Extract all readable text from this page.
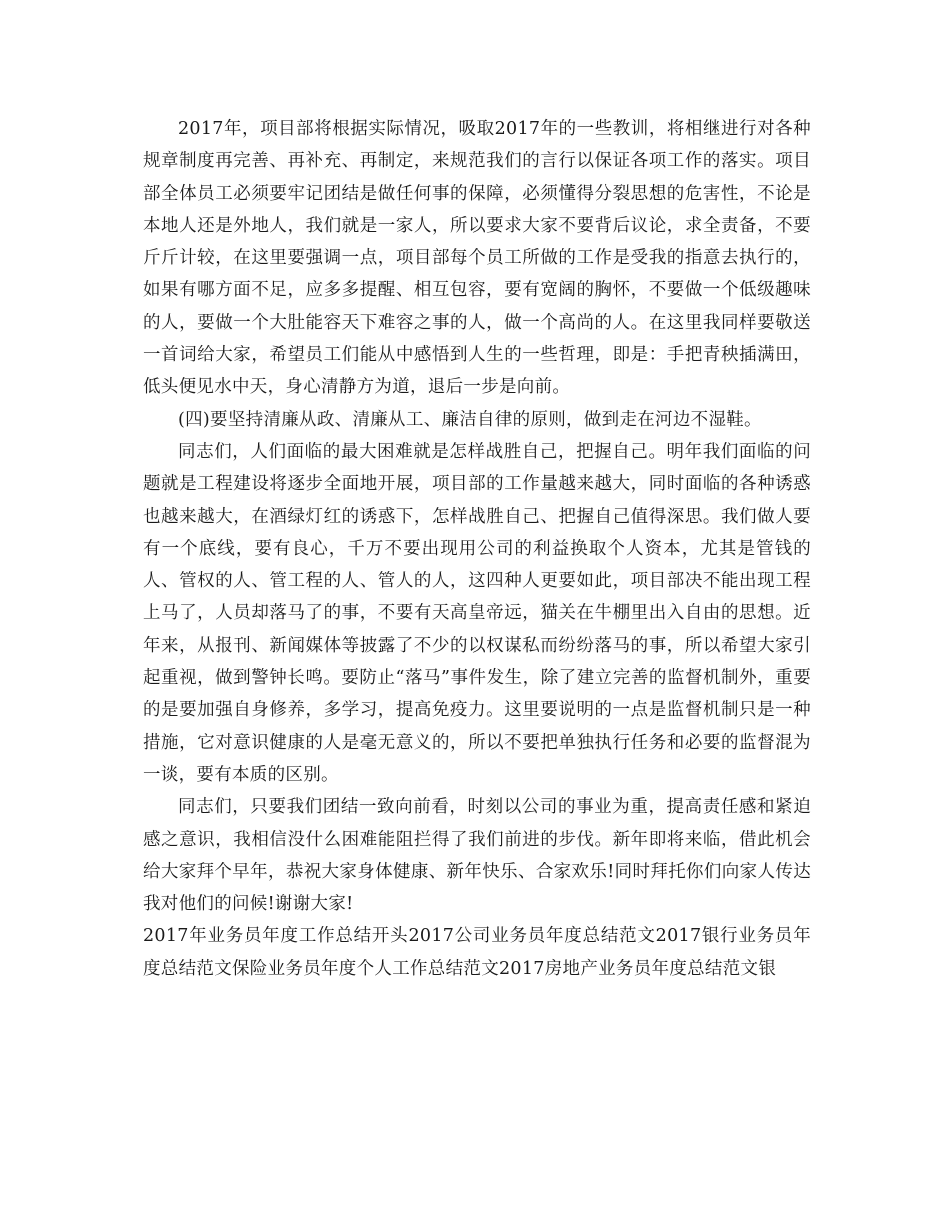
2017年，项目部将根据实际情况，吸取2017年的一些教训，将相继进行对各种规章制度再完善、再补充、再制定，来规范我们的言行以保证各项工作的落实。项目部全体员工必须要牢记团结是做任何事的保障，必须懂得分裂思想的危害性，不论是本地人还是外地人，我们就是一家人，所以要求大家不要背后议论，求全责备，不要斤斤计较，在这里要强调一点，项目部每个员工所做的工作是受我的指意去执行的，如果有哪方面不足，应多多提醒、相互包容，要有宽阔的胸怀，不要做一个低级趣味的人，要做一个大肚能容天下难容之事的人，做一个高尚的人。在这里我同样要敬送一首词给大家，希望员工们能从中感悟到人生的一些哲理，即是：手把青秧插满田，低头便见水中天，身心清静方为道，退后一步是向前。

(四)要坚持清廉从政、清廉从工、廉洁自律的原则，做到走在河边不湿鞋。

同志们，人们面临的最大困难就是怎样战胜自己，把握自己。明年我们面临的问题就是工程建设将逐步全面地开展，项目部的工作量越来越大，同时面临的各种诱惑也越来越大，在酒绿灯红的诱惑下，怎样战胜自己、把握自己值得深思。我们做人要有一个底线，要有良心，千万不要出现用公司的利益换取个人资本，尤其是管钱的人、管权的人、管工程的人、管人的人，这四种人更要如此，项目部决不能出现工程上马了，人员却落马了的事，不要有天高皇帝远，猫关在牛棚里出入自由的思想。近年来，从报刊、新闻媒体等披露了不少的以权谋私而纷纷落马的事，所以希望大家引起重视，做到警钟长鸣。要防止“落马”事件发生，除了建立完善的监督机制外，重要的是要加强自身修养，多学习，提高免疫力。这里要说明的一点是监督机制只是一种措施，它对意识健康的人是毫无意义的，所以不要把单独执行任务和必要的监督混为一谈，要有本质的区别。

同志们，只要我们团结一致向前看，时刻以公司的事业为重，提高责任感和紧迫感之意识，我相信没什么困难能阻拦得了我们前进的步伐。新年即将来临，借此机会给大家拜个早年，恭祝大家身体健康、新年快乐、合家欢乐!同时拜托你们向家人传达我对他们的问候!谢谢大家!

2017年业务员年度工作总结开头2017公司业务员年度总结范文2017银行业务员年度总结范文保险业务员年度个人工作总结范文2017房地产业务员年度总结范文银
